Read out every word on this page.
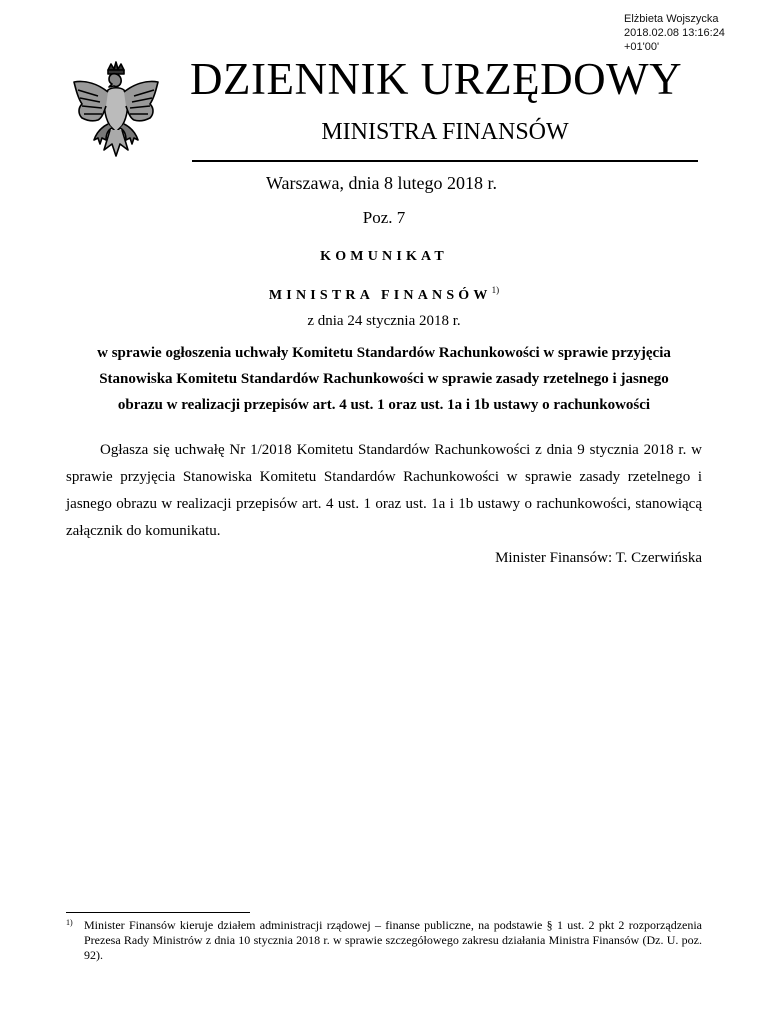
Elżbieta Wojszycka
2018.02.08 13:16:24
+01'00'
DZIENNIK URZĘDOWY
MINISTRA FINANSÓW
Warszawa, dnia 8 lutego 2018 r.
Poz. 7
KOMUNIKAT
MINISTRA FINANSÓW$^{1)}$
z dnia 24 stycznia 2018 r.
w sprawie ogłoszenia uchwały Komitetu Standardów Rachunkowości w sprawie przyjęcia
Stanowiska Komitetu Standardów Rachunkowości w sprawie zasady rzetelnego i jasnego
obrazu w realizacji przepisów art. 4 ust. 1 oraz ust. 1a i 1b ustawy o rachunkowości
Ogłasza się uchwałę Nr 1/2018 Komitetu Standardów Rachunkowości z dnia 9 stycznia 2018 r. w sprawie przyjęcia Stanowiska Komitetu Standardów Rachunkowości w sprawie zasady rzetelnego i jasnego obrazu w realizacji przepisów art. 4 ust. 1 oraz ust. 1a i 1b ustawy o rachunkowości, stanowiącą załącznik do komunikatu.
Minister Finansów: T. Czerwińska
1) Minister Finansów kieruje działem administracji rządowej – finanse publiczne, na podstawie § 1 ust. 2 pkt 2 rozporządzenia Prezesa Rady Ministrów z dnia 10 stycznia 2018 r. w sprawie szczegółowego zakresu działania Ministra Finansów (Dz. U. poz. 92).
